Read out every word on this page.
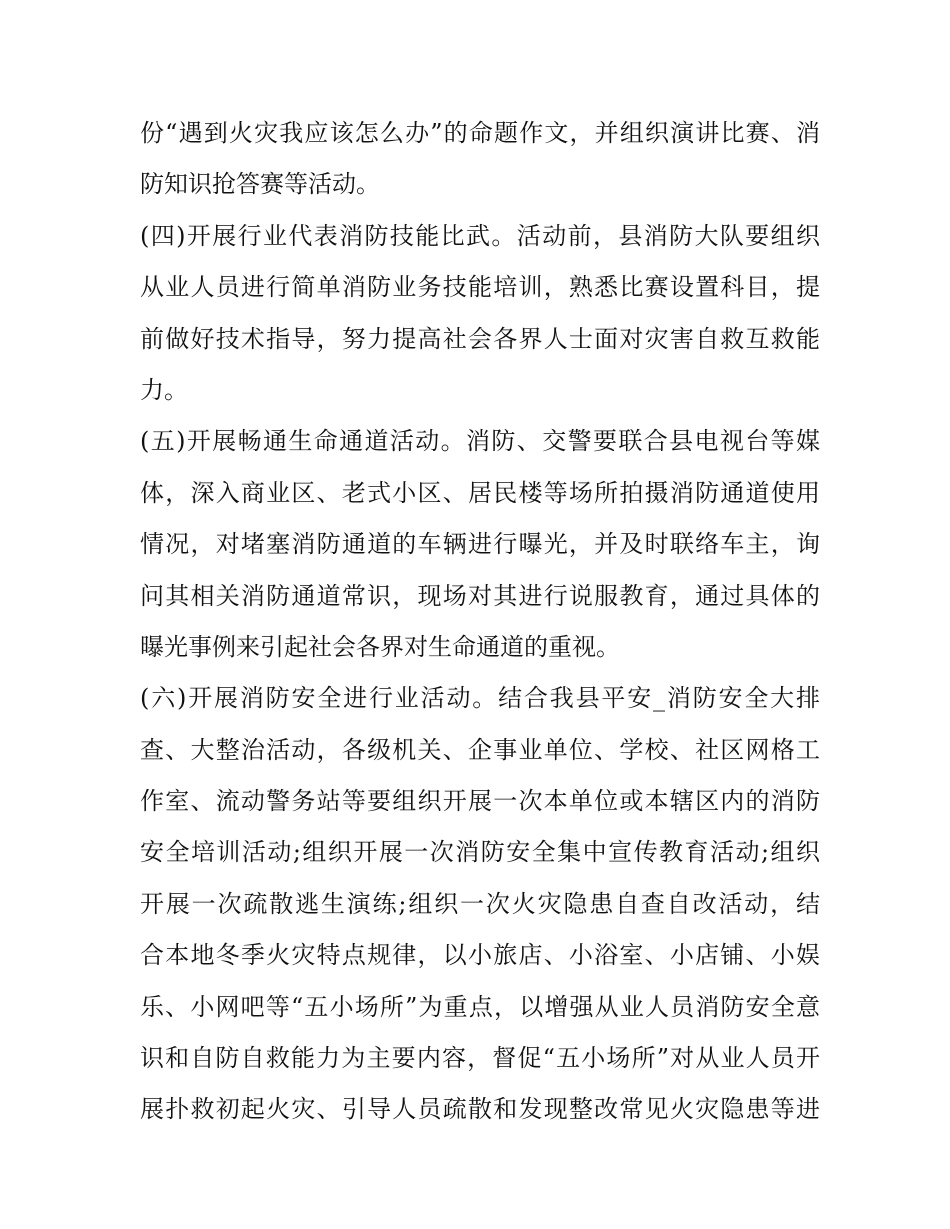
份“遇到火灾我应该怎么办”的命题作文，并组织演讲比赛、消
防知识抢答赛等活动。
(四)开展行业代表消防技能比武。活动前，县消防大队要组织
从业人员进行简单消防业务技能培训，熟悉比赛设置科目，提
前做好技术指导，努力提高社会各界人士面对灾害自救互救能
力。
(五)开展畅通生命通道活动。消防、交警要联合县电视台等媒
体，深入商业区、老式小区、居民楼等场所拍摄消防通道使用
情况，对堵塞消防通道的车辆进行曝光，并及时联络车主，询
问其相关消防通道常识，现场对其进行说服教育，通过具体的
曝光事例来引起社会各界对生命通道的重视。
(六)开展消防安全进行业活动。结合我县平安_消防安全大排
查、大整治活动，各级机关、企事业单位、学校、社区网格工
作室、流动警务站等要组织开展一次本单位或本辖区内的消防
安全培训活动;组织开展一次消防安全集中宣传教育活动;组织
开展一次疏散逃生演练;组织一次火灾隐患自查自改活动，结
合本地冬季火灾特点规律，以小旅店、小浴室、小店铺、小娱
乐、小网吧等“五小场所”为重点，以增强从业人员消防安全意
识和自防自救能力为主要内容，督促“五小场所”对从业人员开
展扑救初起火灾、引导人员疏散和发现整改常见火灾隐患等进
